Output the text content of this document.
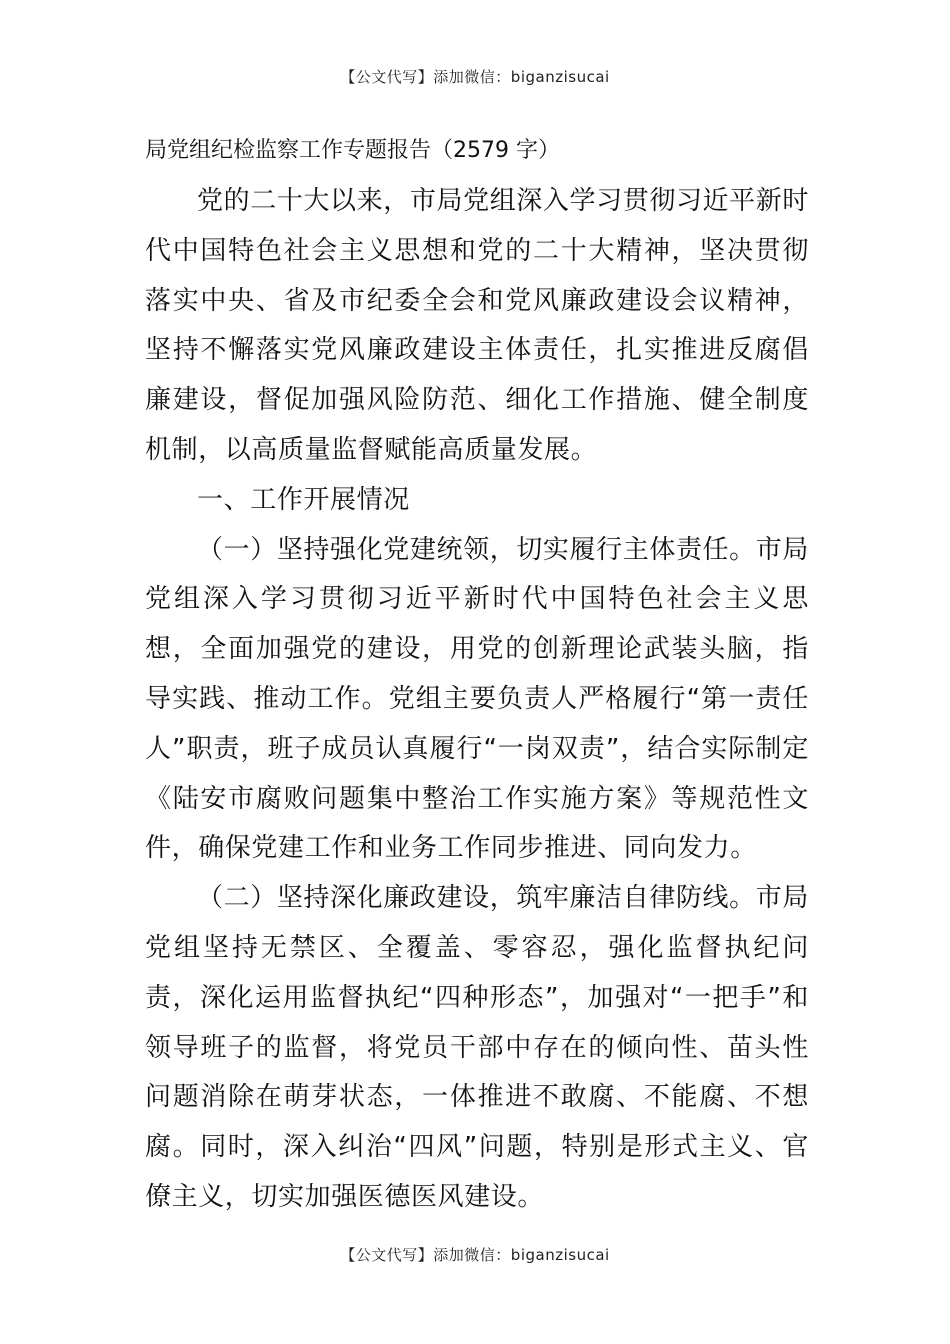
【公文代写】添加微信：biganzisucai
局党组纪检监察工作专题报告（2579 字）

党的二十大以来，市局党组深入学习贯彻习近平新时代中国特色社会主义思想和党的二十大精神，坚决贯彻落实中央、省及市纪委全会和党风廉政建设会议精神，坚持不懈落实党风廉政建设主体责任，扎实推进反腐倡廉建设，督促加强风险防范、细化工作措施、健全制度机制，以高质量监督赋能高质量发展。

一、工作开展情况

（一）坚持强化党建统领，切实履行主体责任。市局党组深入学习贯彻习近平新时代中国特色社会主义思想，全面加强党的建设，用党的创新理论武装头脑，指导实践、推动工作。党组主要负责人严格履行“第一责任人”职责，班子成员认真履行“一岗双责”，结合实际制定《陆安市腐败问题集中整治工作实施方案》等规范性文件，确保党建工作和业务工作同步推进、同向发力。

（二）坚持深化廉政建设，筑牢廉洁自律防线。市局党组坚持无禁区、全覆盖、零容忍，强化监督执纪问责，深化运用监督执纪“四种形态”，加强对“一把手”和领导班子的监督，将党员干部中存在的倾向性、苗头性问题消除在萌芽状态，一体推进不敢腐、不能腐、不想腐。同时，深入纠治“四风”问题，特别是形式主义、官僚主义，切实加强医德医风建设。

【公文代写】添加微信：biganzisucai
